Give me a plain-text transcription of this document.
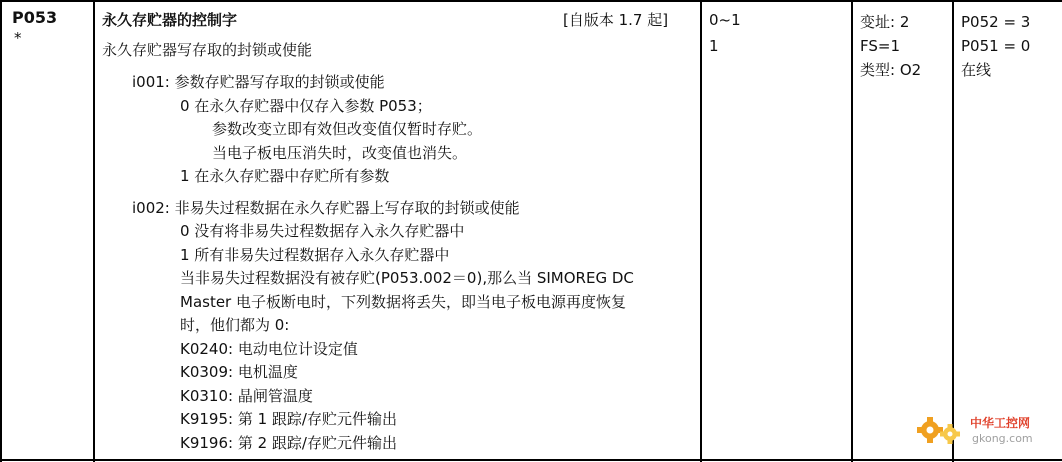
P053
*
永久存贮器的控制字	[自版本 1.7 起]
永久存贮器写存取的封锁或使能
i001: 参数存贮器写存取的封锁或使能
0 在永久存贮器中仅存入参数 P053；
参数改变立即有效但改变值仅暂时存贮。
当电子板电压消失时，改变值也消失。
1 在永久存贮器中存贮所有参数
i002: 非易失过程数据在永久存贮器上写存取的封锁或使能
0 没有将非易失过程数据存入永久存贮器中
1 所有非易失过程数据存入永久存贮器中
当非易失过程数据没有被存贮(P053.002＝0),那么当 SIMOREG DC
Master 电子板断电时，下列数据将丢失，即当电子板电源再度恢复
时，他们都为 0:
K0240: 电动电位计设定值
K0309: 电机温度
K0310: 晶闸管温度
K9195: 第 1 跟踪/存贮元件输出
K9196: 第 2 跟踪/存贮元件输出
0~1
1
变址: 2
FS=1
类型: O2
P052 = 3
P051 = 0
在线
中华工控网
gkong.com
